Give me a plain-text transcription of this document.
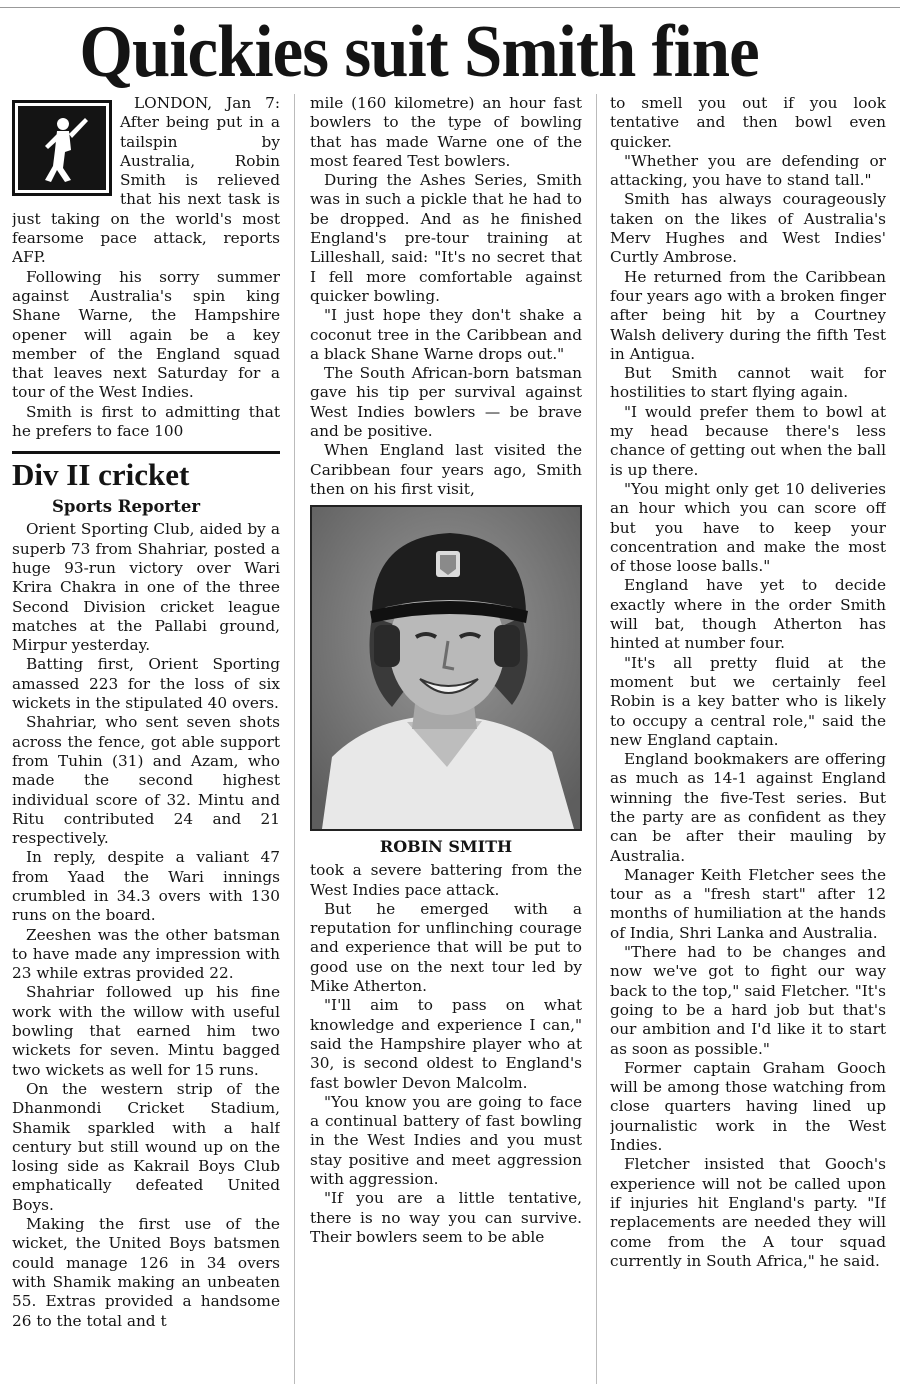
Quickies suit Smith fine

LONDON, Jan 7: After being put in a tailspin by Australia, Robin Smith is relieved that his next task is just taking on the world's most fearsome pace attack, reports AFP.

Following his sorry summer against Australia's spin king Shane Warne, the Hampshire opener will again be a key member of the England squad that leaves next Saturday for a tour of the West Indies.

Smith is first to admitting that he prefers to face 100

Div II cricket
Sports Reporter

Orient Sporting Club, aided by a superb 73 from Shahriar, posted a huge 93-run victory over Wari Krira Chakra in one of the three Second Division cricket league matches at the Pallabi ground, Mirpur yesterday.

Batting first, Orient Sporting amassed 223 for the loss of six wickets in the stipulated 40 overs.

Shahriar, who sent seven shots across the fence, got able support from Tuhin (31) and Azam, who made the second highest individual score of 32. Mintu and Ritu contributed 24 and 21 respectively.

In reply, despite a valiant 47 from Yaad the Wari innings crumbled in 34.3 overs with 130 runs on the board.

Zeeshen was the other batsman to have made any impression with 23 while extras provided 22.

Shahriar followed up his fine work with the willow with useful bowling that earned him two wickets for seven. Mintu bagged two wickets as well for 15 runs.

On the western strip of the Dhanmondi Cricket Stadium, Shamik sparkled with a half century but still wound up on the losing side as Kakrail Boys Club emphatically defeated United Boys.

Making the first use of the wicket, the United Boys batsmen could manage 126 in 34 overs with Shamik making an unbeaten 55. Extras provided a handsome 26 to the total and t

mile (160 kilometre) an hour fast bowlers to the type of bowling that has made Warne one of the most feared Test bowlers.

During the Ashes Series, Smith was in such a pickle that he had to be dropped. And as he finished England's pre-tour training at Lilleshall, said: "It's no secret that I fell more comfortable against quicker bowling.

"I just hope they don't shake a coconut tree in the Caribbean and a black Shane Warne drops out."

The South African-born batsman gave his tip per survival against West Indies bowlers — be brave and be positive.

When England last visited the Caribbean four years ago, Smith then on his first visit,

ROBIN SMITH

took a severe battering from the West Indies pace attack.

But he emerged with a reputation for unflinching courage and experience that will be put to good use on the next tour led by Mike Atherton.

"I'll aim to pass on what knowledge and experience I can," said the Hampshire player who at 30, is second oldest to England's fast bowler Devon Malcolm.

"You know you are going to face a continual battery of fast bowling in the West Indies and you must stay positive and meet aggression with aggression.

"If you are a little tentative, there is no way you can survive. Their bowlers seem to be able

to smell you out if you look tentative and then bowl even quicker.

"Whether you are defending or attacking, you have to stand tall."

Smith has always courageously taken on the likes of Australia's Merv Hughes and West Indies' Curtly Ambrose.

He returned from the Caribbean four years ago with a broken finger after being hit by a Courtney Walsh delivery during the fifth Test in Antigua.

But Smith cannot wait for hostilities to start flying again.

"I would prefer them to bowl at my head because there's less chance of getting out when the ball is up there.

"You might only get 10 deliveries an hour which you can score off but you have to keep your concentration and make the most of those loose balls."

England have yet to decide exactly where in the order Smith will bat, though Atherton has hinted at number four.

"It's all pretty fluid at the moment but we certainly feel Robin is a key batter who is likely to occupy a central role," said the new England captain.

England bookmakers are offering as much as 14-1 against England winning the five-Test series. But the party are as confident as they can be after their mauling by Australia.

Manager Keith Fletcher sees the tour as a "fresh start" after 12 months of humiliation at the hands of India, Shri Lanka and Australia.

"There had to be changes and now we've got to fight our way back to the top," said Fletcher. "It's going to be a hard job but that's our ambition and I'd like it to start as soon as possible."

Former captain Graham Gooch will be among those watching from close quarters having lined up journalistic work in the West Indies.

Fletcher insisted that Gooch's experience will not be called upon if injuries hit England's party. "If replacements are needed they will come from the A tour squad currently in South Africa," he said.
